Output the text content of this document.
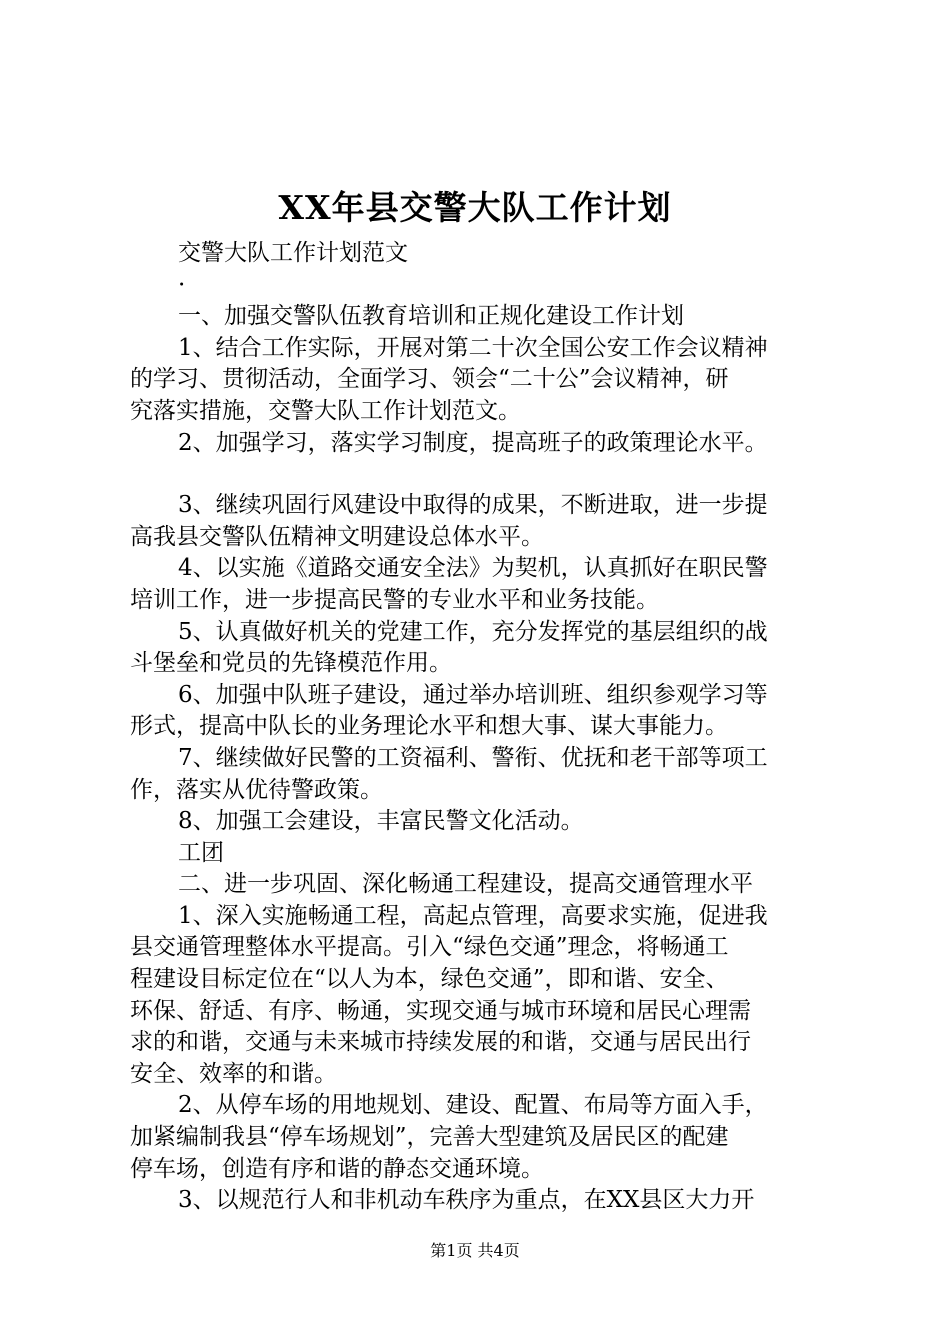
XX年县交警大队工作计划

交警大队工作计划范文

·

一、加强交警队伍教育培训和正规化建设工作计划

1、结合工作实际，开展对第二十次全国公安工作会议精神

的学习、贯彻活动，全面学习、领会“二十公”会议精神，研

究落实措施，交警大队工作计划范文。

2、加强学习，落实学习制度，提高班子的政策理论水平。

3、继续巩固行风建设中取得的成果，不断进取，进一步提

高我县交警队伍精神文明建设总体水平。

4、以实施《道路交通安全法》为契机，认真抓好在职民警

培训工作，进一步提高民警的专业水平和业务技能。

5、认真做好机关的党建工作，充分发挥党的基层组织的战

斗堡垒和党员的先锋模范作用。

6、加强中队班子建设，通过举办培训班、组织参观学习等

形式，提高中队长的业务理论水平和想大事、谋大事能力。

7、继续做好民警的工资福利、警衔、优抚和老干部等项工

作，落实从优待警政策。

8、加强工会建设，丰富民警文化活动。

工团

二、进一步巩固、深化畅通工程建设，提高交通管理水平

1、深入实施畅通工程，高起点管理，高要求实施，促进我

县交通管理整体水平提高。引入“绿色交通”理念，将畅通工

程建设目标定位在“以人为本，绿色交通”，即和谐、安全、

环保、舒适、有序、畅通，实现交通与城市环境和居民心理需

求的和谐，交通与未来城市持续发展的和谐，交通与居民出行

安全、效率的和谐。

2、从停车场的用地规划、建设、配置、布局等方面入手，

加紧编制我县“停车场规划”，完善大型建筑及居民区的配建

停车场，创造有序和谐的静态交通环境。

3、以规范行人和非机动车秩序为重点，在XX县区大力开

第1页 共4页
